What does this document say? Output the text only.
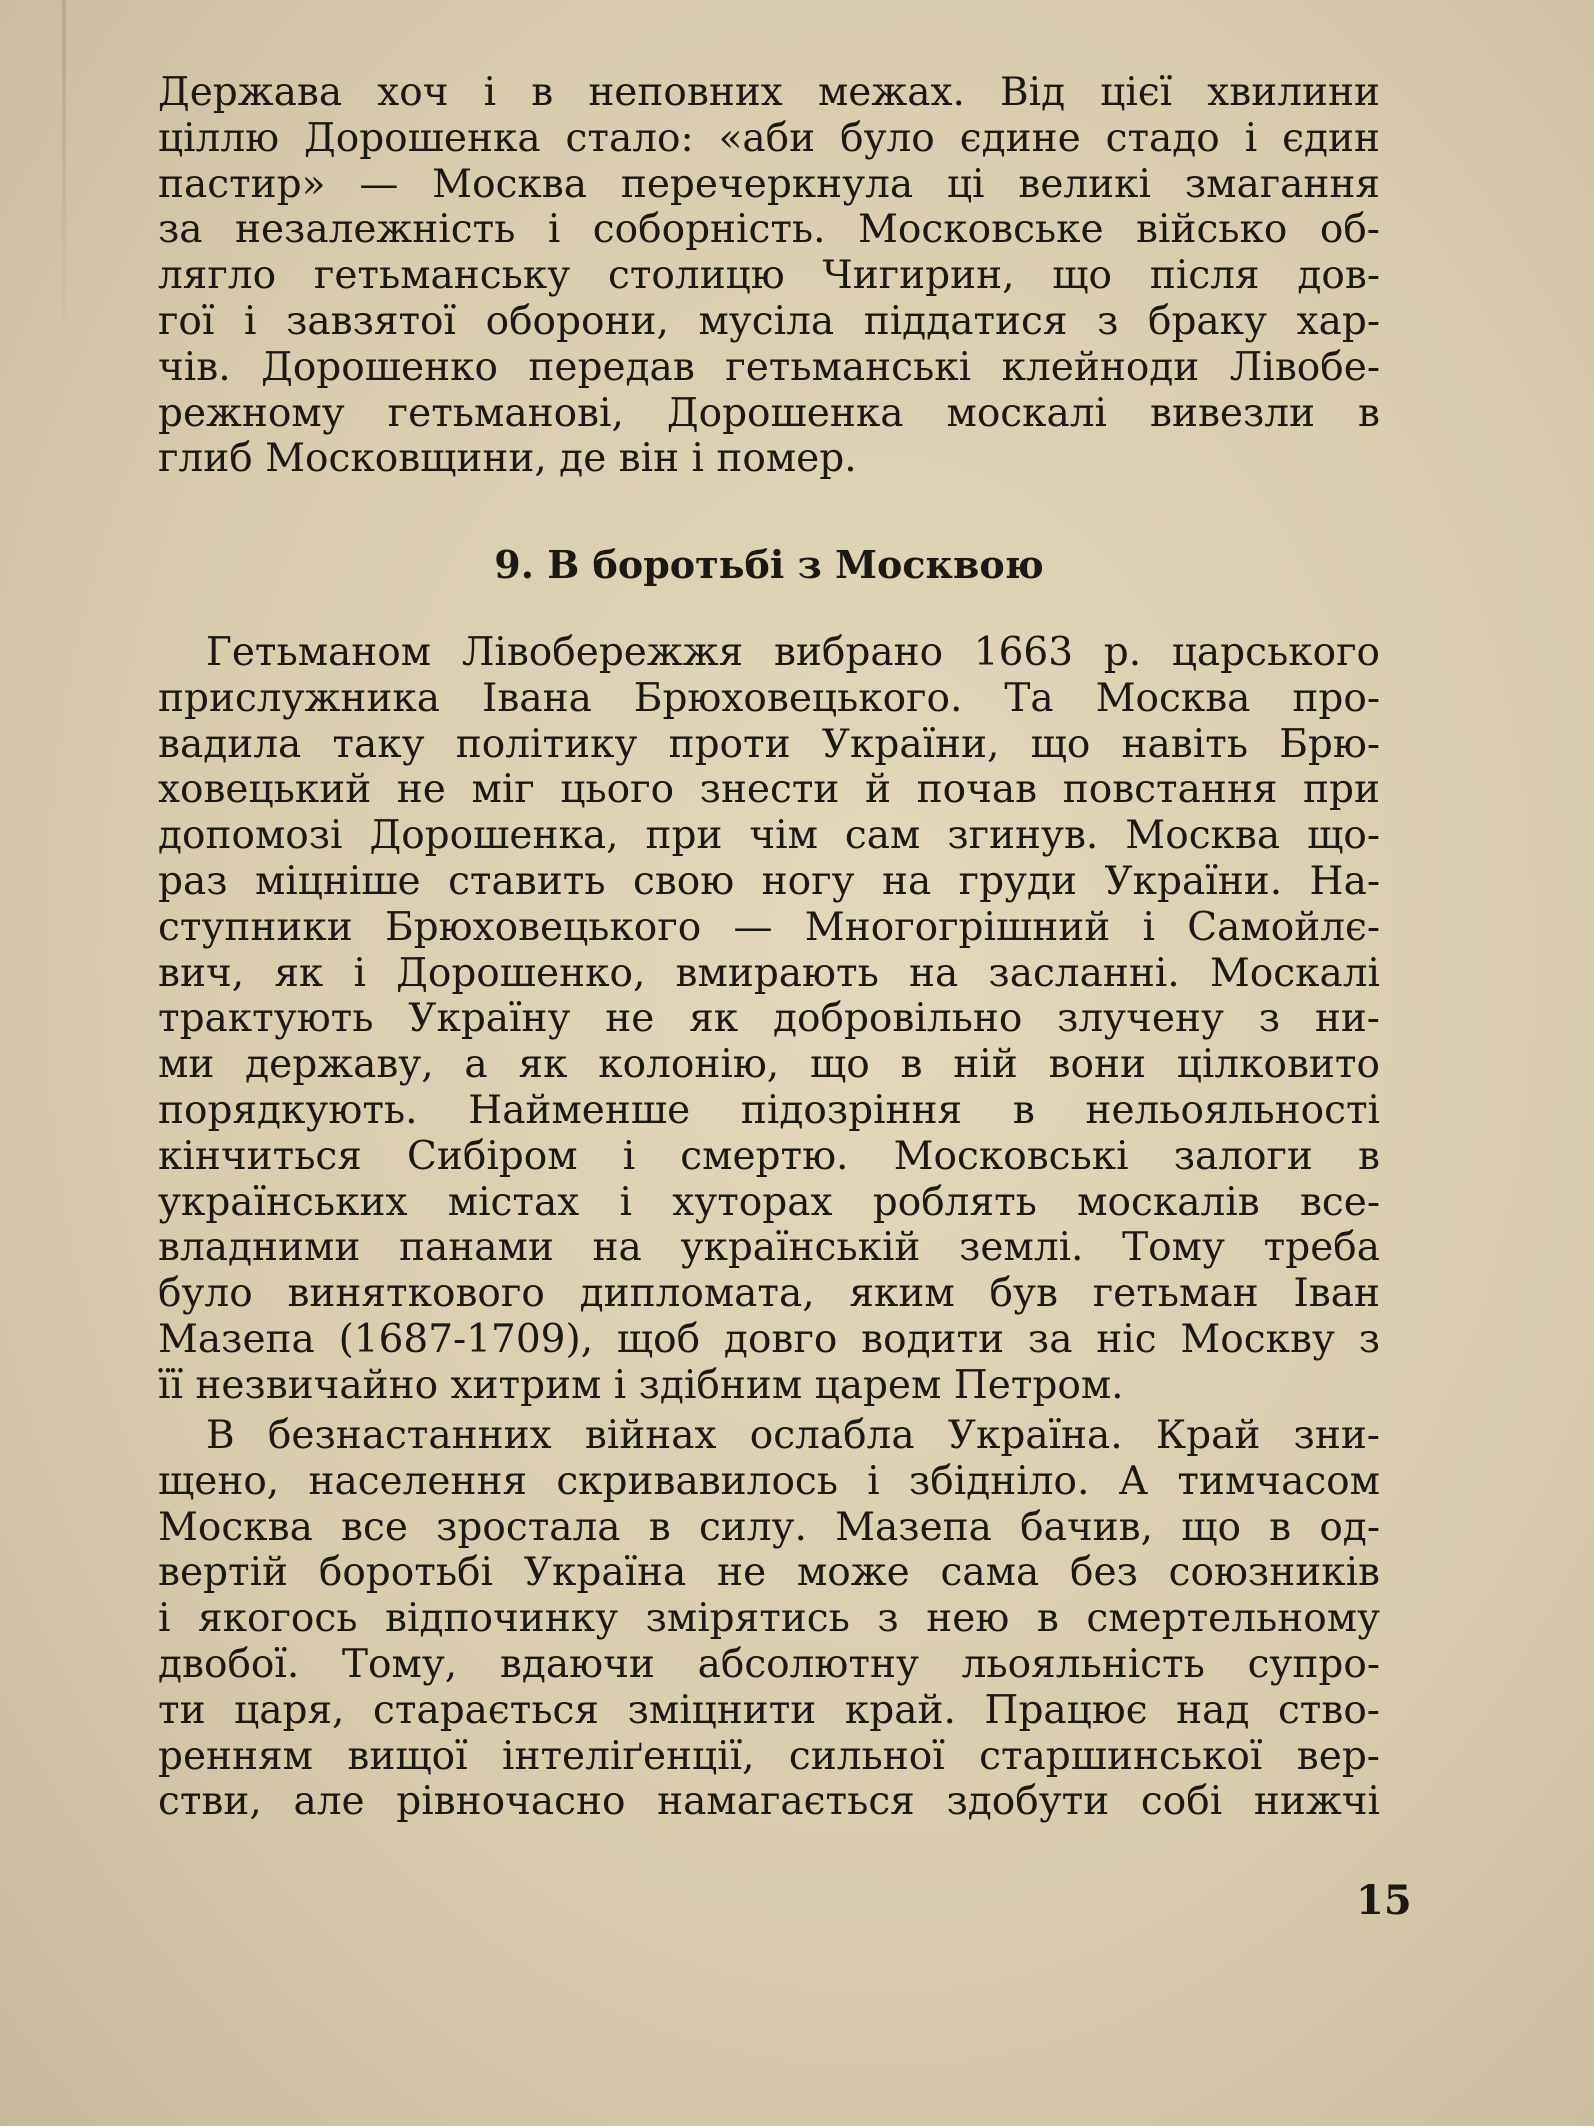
Держава хоч і в неповних межах. Від цієї хвилини
ціллю Дорошенка стало: «аби було єдине стадо і єдин
пастир» — Москва перечеркнула ці великі змагання
за незалежність і соборність. Московське військо об-
лягло гетьманську столицю Чигирин, що після дов-
гої і завзятої оборони, мусіла піддатися з браку хар-
чів. Дорошенко передав гетьманські клейноди Лівобе-
режному гетьманові, Дорошенка москалі вивезли в
глиб Московщини, де він і помер.
9. В боротьбі з Москвою
Гетьманом Лівобережжя вибрано 1663 р. царського
прислужника Івана Брюховецького. Та Москва про-
вадила таку політику проти України, що навіть Брю-
ховецький не міг цього знести й почав повстання при
допомозі Дорошенка, при чім сам згинув. Москва що-
раз міцніше ставить свою ногу на груди України. На-
ступники Брюховецького — Многогрішний і Самойлє-
вич, як і Дорошенко, вмирають на засланні. Москалі
трактують Україну не як добровільно злучену з ни-
ми державу, а як колонію, що в ній вони цілковито
порядкують. Найменше підозріння в нельояльності
кінчиться Сибіром і смертю. Московські залоги в
українських містах і хуторах роблять москалів все-
владними панами на українській землі. Тому треба
було виняткового дипломата, яким був гетьман Іван
Мазепа (1687-1709), щоб довго водити за ніс Москву з
її незвичайно хитрим і здібним царем Петром.
В безнастанних війнах ослабла Україна. Край зни-
щено, населення скривавилось і збідніло. А тимчасом
Москва все зростала в силу. Мазепа бачив, що в од-
вертій боротьбі Україна не може сама без союзників
і якогось відпочинку змірятись з нею в смертельному
двобої. Тому, вдаючи абсолютну льояльність супро-
ти царя, старається зміцнити край. Працює над ство-
ренням вищої інтеліґенції, сильної старшинської вер-
стви, але рівночасно намагається здобути собі нижчі
15
